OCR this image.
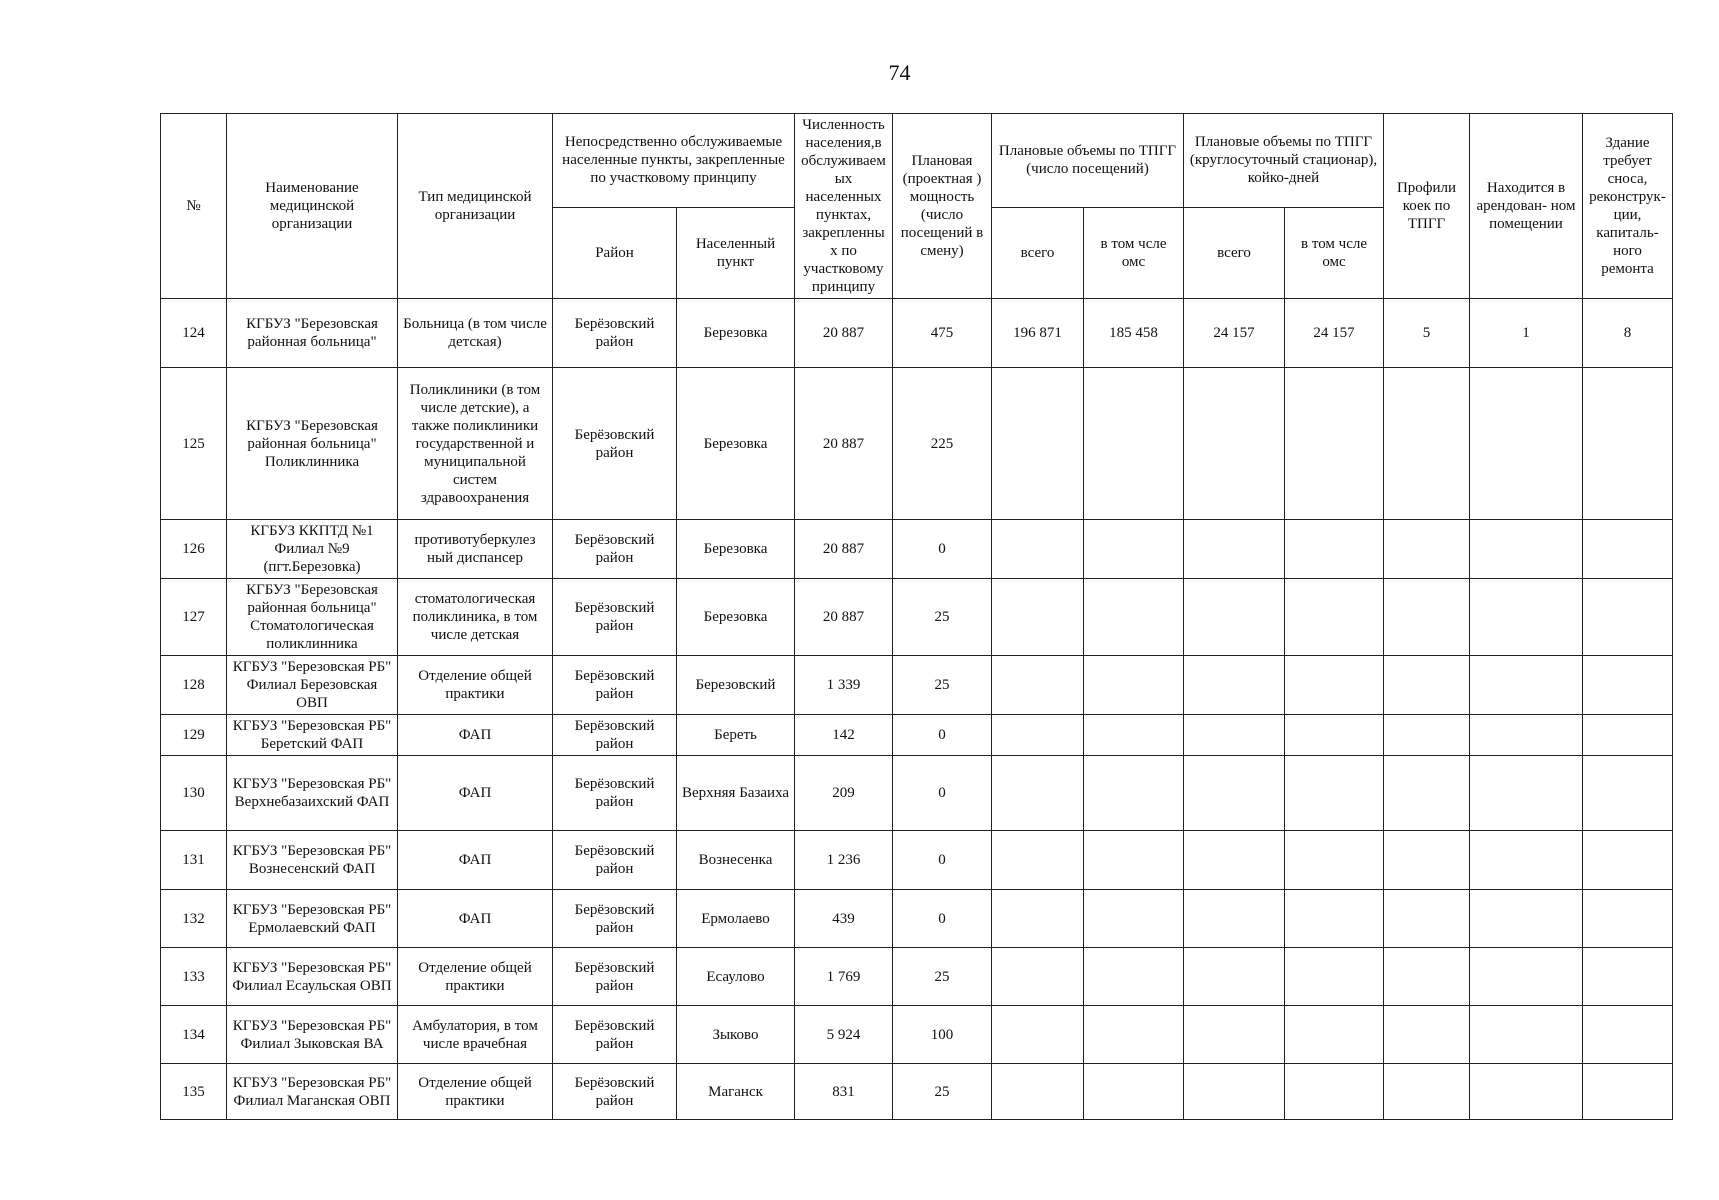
74
№	Наименование медицинской организации	Тип медицинской организации	Непосредственно обслуживаемые населенные пункты, закрепленные по участковому принципу		Численность населения,в обслуживаем ых населенных пунктах, закрепленны х по участковому принципу	Плановая (проектная ) мощность (число посещений в смену)	Плановые объемы по ТПГГ (число посещений)		Плановые объемы по ТПГГ (круглосуточный стационар), койко-дней		Профили коек по ТПГГ	Находится в арендован- ном помещении	Здание требует сноса, реконструк- ции, капиталь- ного ремонта
			Район	Населенный пункт			всего	в том чсле омс	всего	в том чсле омс			
124	КГБУЗ "Березовская районная больница"	Больница (в том числе детская)	Берёзовский район	Березовка	20 887	475	196 871	185 458	24 157	24 157	5	1	8
125	КГБУЗ "Березовская районная больница" Поликлинника	Поликлиники (в том числе детские), а также поликлиники государственной и муниципальной систем здравоохранения	Берёзовский район	Березовка	20 887	225							
126	КГБУЗ ККПТД №1 Филиал №9 (пгт.Березовка)	противотуберкулез ный диспансер	Берёзовский район	Березовка	20 887	0							
127	КГБУЗ "Березовская районная больница" Стоматологическая поликлинника	стоматологическая поликлиника, в том числе детская	Берёзовский район	Березовка	20 887	25							
128	КГБУЗ "Березовская РБ" Филиал Березовская ОВП	Отделение общей практики	Берёзовский район	Березовский	1 339	25							
129	КГБУЗ "Березовская РБ" Беретский ФАП	ФАП	Берёзовский район	Береть	142	0							
130	КГБУЗ "Березовская РБ" Верхнебазаихский ФАП	ФАП	Берёзовский район	Верхняя Базаиха	209	0							
131	КГБУЗ "Березовская РБ" Вознесенский ФАП	ФАП	Берёзовский район	Вознесенка	1 236	0							
132	КГБУЗ "Березовская РБ" Ермолаевский ФАП	ФАП	Берёзовский район	Ермолаево	439	0							
133	КГБУЗ "Березовская РБ" Филиал Есаульская ОВП	Отделение общей практики	Берёзовский район	Есаулово	1 769	25							
134	КГБУЗ "Березовская РБ" Филиал Зыковская ВА	Амбулатория, в том числе врачебная	Берёзовский район	Зыково	5 924	100							
135	КГБУЗ "Березовская РБ" Филиал Маганская ОВП	Отделение общей практики	Берёзовский район	Маганск	831	25							
